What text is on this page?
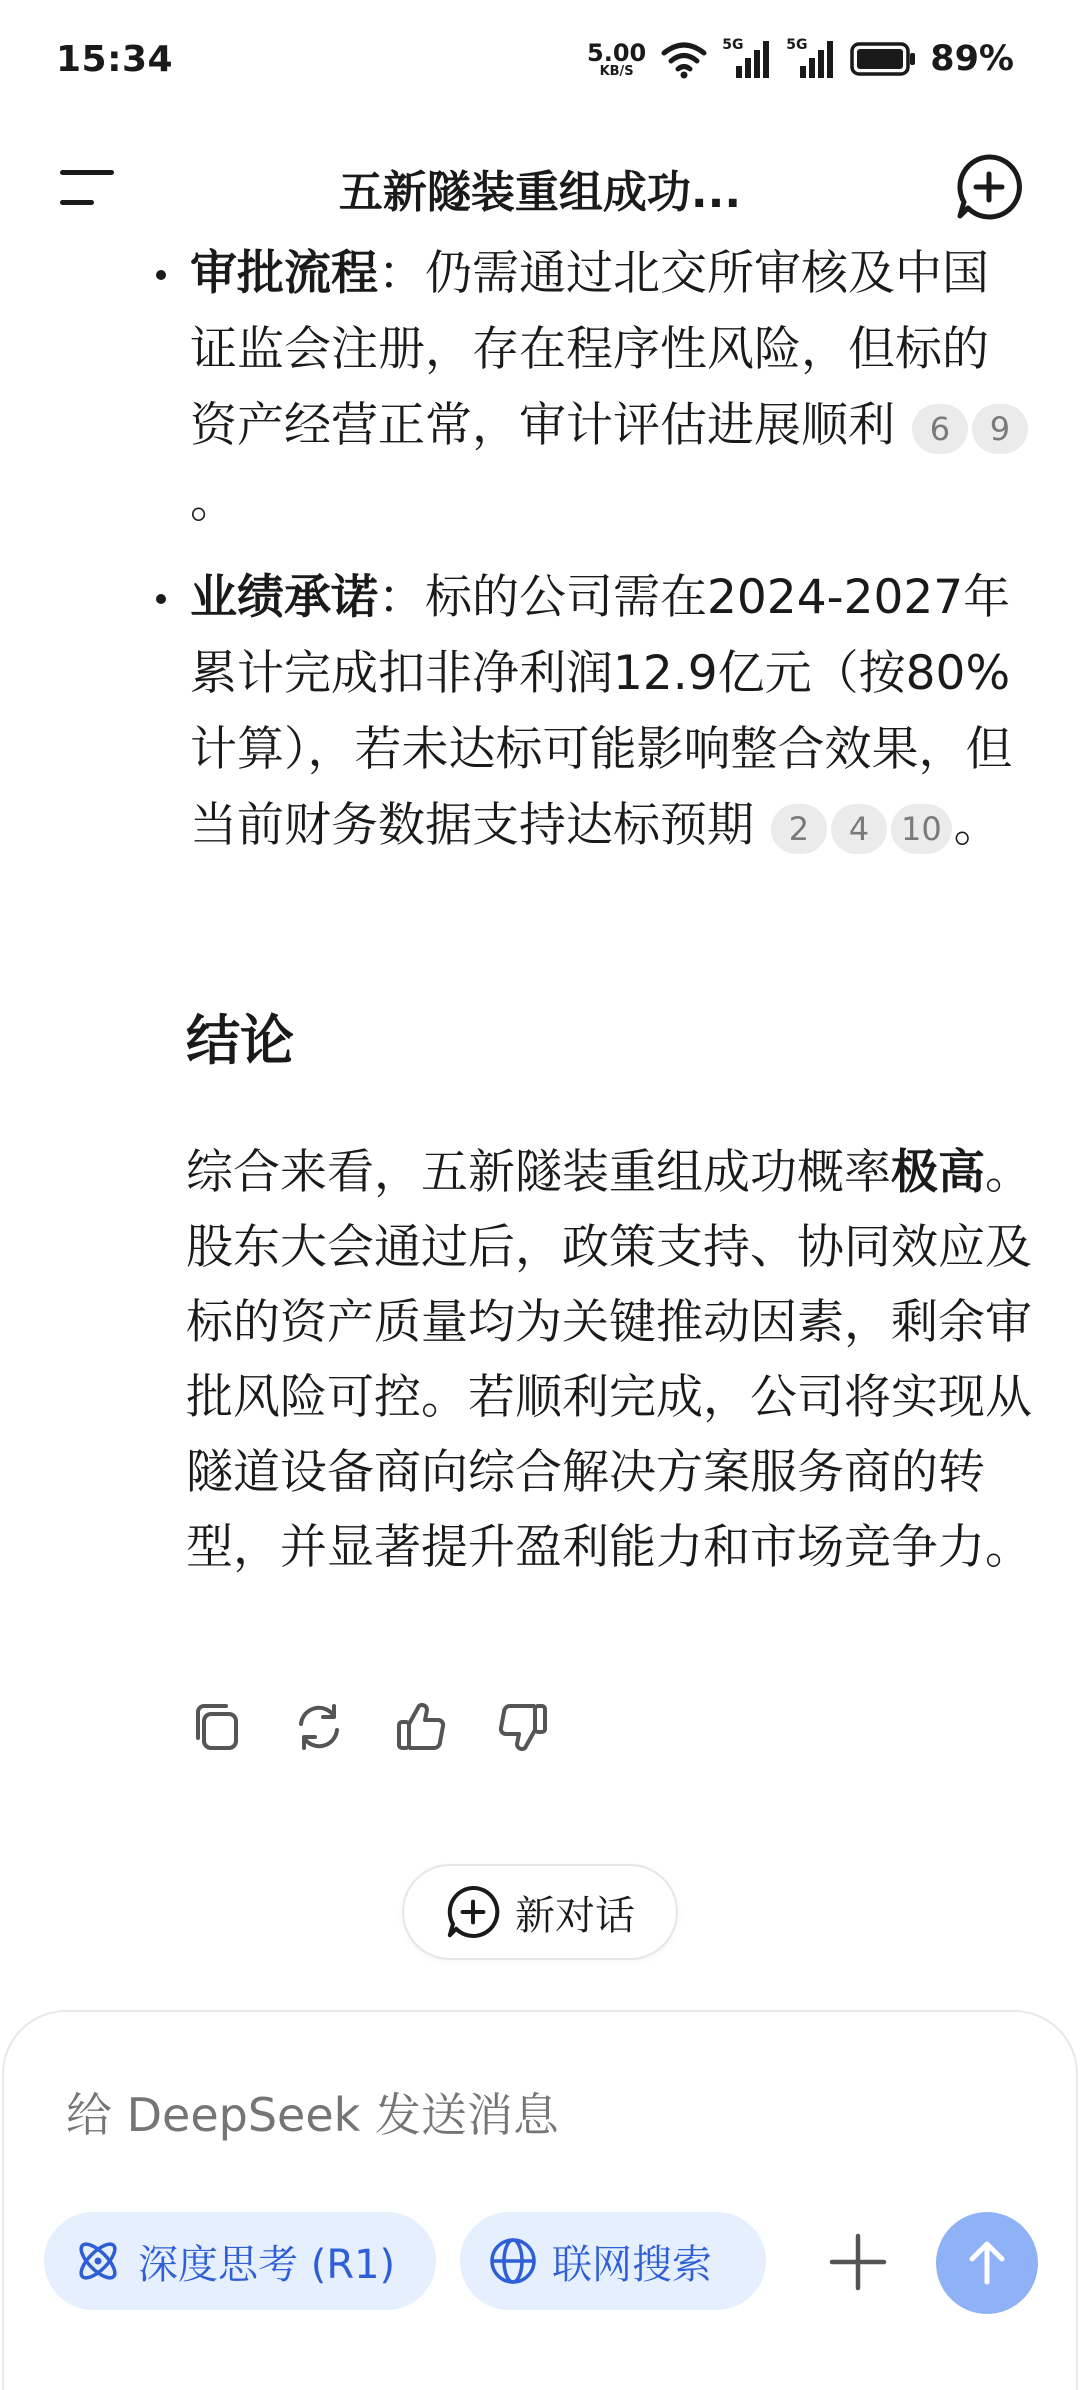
15:34	5.00
KB/S
5G	5G	89%
五新隧装重组成功...
审批流程：仍需通过北交所审核及中国证监会注册，存在程序性风险，但标的资产经营正常，审计评估进展顺利 6 9。
业绩承诺：标的公司需在2024-2027年累计完成扣非净利润12.9亿元（按80%计算），若未达标可能影响整合效果，但当前财务数据支持达标预期 2 4 10 。
结论
综合来看，五新隧装重组成功概率极高。股东大会通过后，政策支持、协同效应及标的资产质量均为关键推动因素，剩余审批风险可控。若顺利完成，公司将实现从隧道设备商向综合解决方案服务商的转型，并显著提升盈利能力和市场竞争力。
新对话
给 DeepSeek 发送消息
深度思考 (R1)	联网搜索
